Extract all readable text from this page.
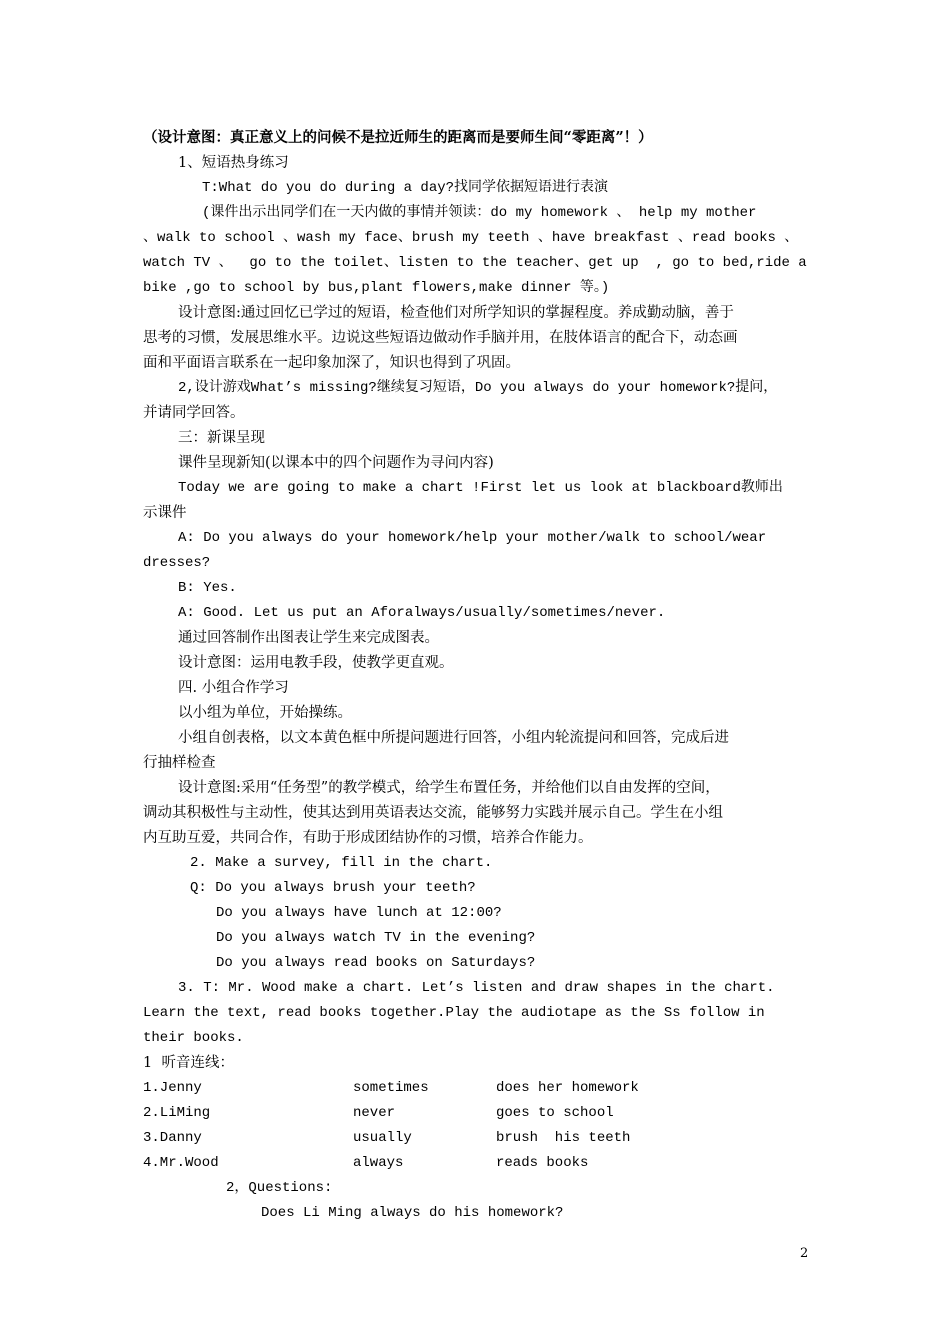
（设计意图：真正意义上的问候不是拉近师生的距离而是要师生间“零距离”！）
1、短语热身练习
T:What do you do during a day?找同学依据短语进行表演
(课件出示出同学们在一天内做的事情并领读：do my homework 、 help my mother
、walk to school 、wash my face、brush my teeth 、have breakfast 、read books 、
watch TV 、  go to the toilet、listen to the teacher、get up  , go to bed,ride a
bike ,go to school by bus,plant flowers,make dinner 等。)
设计意图:通过回忆已学过的短语，检查他们对所学知识的掌握程度。养成勤动脑，善于
思考的习惯，发展思维水平。边说这些短语边做动作手脑并用，在肢体语言的配合下，动态画
面和平面语言联系在一起印象加深了，知识也得到了巩固。
2,设计游戏What’s missing?继续复习短语，Do you always do your homework?提问，
并请同学回答。
三：新课呈现
课件呈现新知(以课本中的四个问题作为寻问内容)
Today we are going to make a chart !First let us look at blackboard教师出
示课件
A: Do you always do your homework/help your mother/walk to school/wear
dresses?
B: Yes.
A: Good. Let us put an Aforalways/usually/sometimes/never.
通过回答制作出图表让学生来完成图表。
设计意图：运用电教手段，使教学更直观。
四. 小组合作学习
以小组为单位，开始操练。
小组自创表格，以文本黄色框中所提问题进行回答，小组内轮流提问和回答，完成后进
行抽样检查
设计意图:采用“任务型”的教学模式，给学生布置任务，并给他们以自由发挥的空间，
调动其积极性与主动性，使其达到用英语表达交流，能够努力实践并展示自己。学生在小组
内互助互爱，共同合作，有助于形成团结协作的习惯，培养合作能力。
2. Make a survey, fill in the chart.
Q: Do you always brush your teeth?
Do you always have lunch at 12:00?
Do you always watch TV in the evening?
Do you always read books on Saturdays?
3. T: Mr. Wood make a chart. Let’s listen and draw shapes in the chart.
Learn the text, read books together.Play the audiotape as the Ss follow in
their books.
1  听音连线：
1.Jenny	sometimes	does her homework
2.LiMing	never	goes to school
3.Danny	usually	brush  his teeth
4.Mr.Wood	always	reads books
2，Questions:
Does Li Ming always do his homework?
2
